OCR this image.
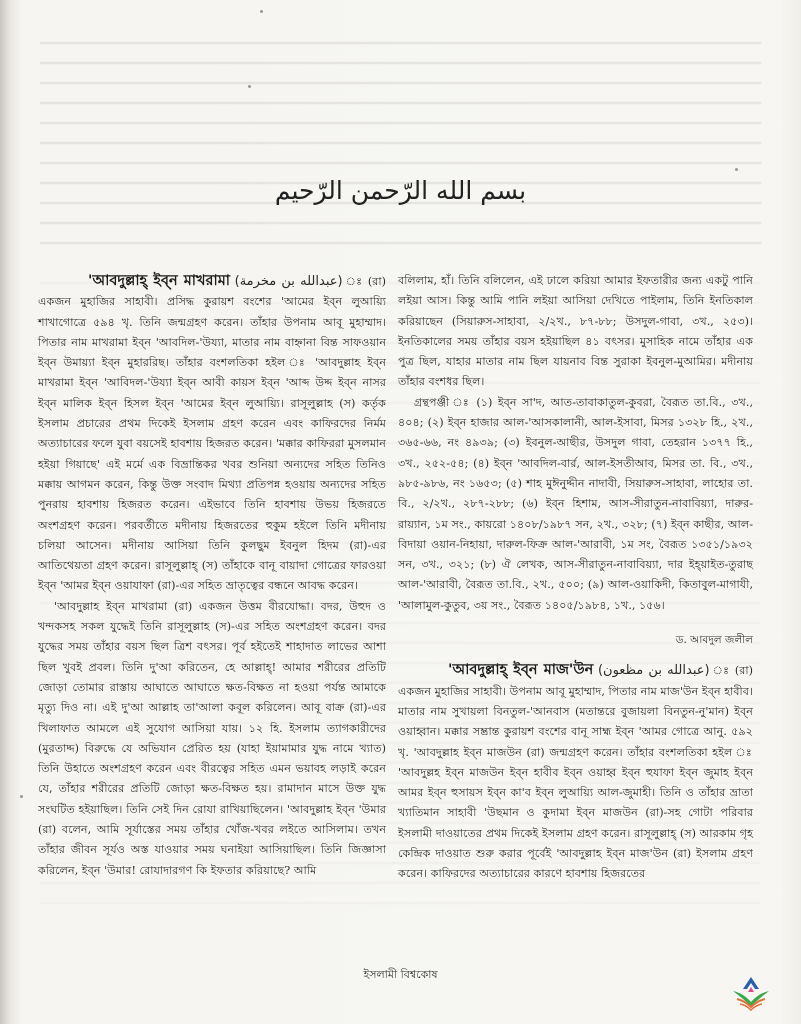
بسم الله الرّحمن الرّحيم

'আবদুল্লাহ্ ইব্ন মাখরামা (عبدالله بن مخرمة) ঃ (রা) একজন মুহাজির সাহাবী। প্রসিদ্ধ কুরায়শ বংশের 'আমের ইব্ন লুআয়্যি শাখাগোত্রে ৫৯৪ খৃ. তিনি জন্মগ্রহণ করেন। তাঁহার উপনাম আবূ মুহাম্মাদ। পিতার নাম মাখরামা ইব্ন 'আবদিল-'উয্যা, মাতার নাম বাহ্নানা বিন্ত সাফওয়ান ইব্ন উমায়্যা ইব্ন মুহাররিছ। তাঁহার বংশলতিকা হইল ঃ 'আবদুল্লাহ ইব্ন মাখরামা ইব্ন 'আবিদল-'উয্যা ইব্ন আবী কায়স ইব্ন 'আব্দ উদ্দ ইব্ন নাসর ইব্ন মালিক ইব্ন হিসল ইব্ন 'আমের ইব্ন লুআয়্যি। রাসূলুল্লাহ (স) কর্তৃক ইসলাম প্রচারের প্রথম দিকেই ইসলাম গ্রহণ করেন এবং কাফিরদের নির্মম অত্যাচারের ফলে যুবা বয়সেই হাবশায় হিজরত করেন। 'মক্কার কাফিররা মুসলমান হইয়া গিয়াছে' এই মর্মে এক বিভ্রান্তিকর খবর শুনিয়া অন্যদের সহিত তিনিও মক্কায় আগমন করেন, কিন্তু উক্ত সংবাদ মিথ্যা প্রতিপন্ন হওয়ায় অন্যদের সহিত পুনরায় হাবশায় হিজরত করেন। এইভাবে তিনি হাবশায় উভয় হিজরতে অংশগ্রহণ করেন। পরবর্তীতে মদীনায় হিজরতের হুকুম হইলে তিনি মদীনায় চলিয়া আসেন। মদীনায় আসিয়া তিনি কুলছুম ইবনুল হিদম (রা)-এর আতিথেয়তা গ্রহণ করেন। রাসূলুল্লাহ্ (স) তাঁহাকে বানূ বায়াদা গোত্রের ফারওয়া ইব্ন 'আমর ইব্ন ওয়াযাফা (রা)-এর সহিত ভ্রাতৃত্বের বন্ধনে আবদ্ধ করেন।

'আবদুল্লাহ ইব্ন মাখরামা (রা) একজন উত্তম বীরযোদ্ধা। বদর, উহুদ ও খন্দকসহ সকল যুদ্ধেই তিনি রাসূলুল্লাহ (স)-এর সহিত অংশগ্রহণ করেন। বদর যুদ্ধের সময় তাঁহার বয়স ছিল ত্রিশ বৎসর। পূর্ব হইতেই শাহাদাত লাভের আশা ছিল খুবই প্রবল। তিনি দু'আ করিতেন, হে আল্লাহ্! আমার শরীরের প্রতিটি জোড়া তোমার রাস্তায় আঘাতে আঘাতে ক্ষত-বিক্ষত না হওয়া পর্যন্ত আমাকে মৃত্যু দিও না। এই দু'আ আল্লাহ তা'আলা কবূল করিলেন। আবূ বাক্র (রা)-এর খিলাফাত আমলে এই সুযোগ আসিয়া যায়। ১২ হি. ইসলাম ত্যাগকারীদের (মুরতাদ্দ) বিরুদ্ধে যে অভিযান প্রেরিত হয় (যাহা ইয়ামামার যুদ্ধ নামে খ্যাত) তিনি উহাতে অংশগ্রহণ করেন এবং বীরত্বের সহিত এমন ভয়াবহ লড়াই করেন যে, তাঁহার শরীরের প্রতিটি জোড়া ক্ষত-বিক্ষত হয়। রামাদান মাসে উক্ত যুদ্ধ সংঘটিত হইয়াছিল। তিনি সেই দিন রোযা রাখিয়াছিলেন। 'আবদুল্লাহ ইব্ন 'উমার (রা) বলেন, আমি সূর্যাস্তের সময় তাঁহার খোঁজ-খবর লইতে আসিলাম। তখন তাঁহার জীবন সূর্যও অস্ত যাওয়ার সময় ঘনাইয়া আসিয়াছিল। তিনি জিজ্ঞাসা করিলেন, ইব্ন 'উমার! রোযাদারগণ কি ইফতার করিয়াছে? আমি

বলিলাম, হাঁ। তিনি বলিলেন, এই ঢালে করিয়া আমার ইফতারীর জন্য একটু পানি লইয়া আস। কিন্তু আমি পানি লইয়া আসিয়া দেখিতে পাইলাম, তিনি ইনতিকাল করিয়াছেন (সিয়ারুস-সাহাবা, ২/২খ., ৮৭-৮৮; উসদুল-গাবা, ৩খ., ২৫৩)। ইনতিকালের সময় তাঁহার বয়স হইয়াছিল ৪১ বৎসর। মুসাহিক নামে তাঁহার এক পুত্র ছিল, যাহার মাতার নাম ছিল যায়নাব বিন্ত সুরাকা ইবনুল-মুআমির। মদীনায় তাঁহার বংশধর ছিল।

গ্রন্থপঞ্জী ঃ (১) ইব্ন সা'দ, আত-তাবাকাতুল-কুবরা, বৈরূত তা.বি., ৩খ., ৪০৪; (২) ইব্ন হাজার আল-'আসকালানী, আল-ইসাবা, মিসর ১৩২৮ হি., ২খ., ৩৬৫-৬৬, নং ৪৯৩৯; (৩) ইবনুল-আছীর, উসদুল গাবা, তেহরান ১৩৭৭ হি., ৩খ., ২৫২-৫৪; (৪) ইব্ন 'আবদিল-বার্র, আল-ইসতীআব, মিসর তা. বি., ৩খ., ৯৮৫-৯৮৬, নং ১৬৫৩; (৫) শাহ মুঈনুদ্দীন নাদাবী, সিয়ারুস-সাহাবা, লাহোর তা. বি., ২/২খ., ২৮৭-২৮৮; (৬) ইব্ন হিশাম, আস-সীরাতুন-নাবাবিয়্যা, দারুর-রায়্যান, ১ম সং., কায়রো ১৪০৮/১৯৮৭ সন, ২খ., ৩২৮; (৭) ইব্ন কাছীর, আল-বিদায়া ওয়ান-নিহায়া, দারুল-ফিক্র আল-'আরাবী, ১ম সং, বৈরূত ১৩৫১/১৯৩২ সন, ৩খ., ৩২১; (৮) ঐ লেখক, আস-সীরাতুন-নাবাবিয়্যা, দার ইহ্য়াইত-তুরাছ আল-'আরাবী, বৈরূত তা.বি., ২খ., ৫০০; (৯) আল-ওয়াকিদী, কিতাবুল-মাগাযী, 'আলামুল-কুতুব, ৩য় সং., বৈরূত ১৪০৫/১৯৮৪, ১খ., ১৫৬।

ড. আবদুল জলীল

'আবদুল্লাহ্ ইব্ন মাজ'উন (عبدالله بن مظعون) (রা) একজন মুহাজির সাহাবী। উপনাম আবূ মুহাম্মাদ, পিতার নাম মাজ'উন ইব্ন হাবীব। মাতার নাম সুখায়লা বিনতুল-'আনবাস (মতান্তরে বুজায়লা বিনতুন-নু'মান) ইব্ন ওয়াহ্বান। মক্কার সম্ভ্রান্ত কুরায়শ বংশের বানূ সাহ্ম ইব্ন 'আমর গোত্রে আনু. ৫৯২ খৃ. 'আবদুল্লাহ ইব্ন মাজউন (রা) জন্মগ্রহণ করেন। তাঁহার বংশলতিকা হইল ঃ 'আবদুল্লহ ইব্ন মাজউন ইব্ন হাবীব ইব্ন ওয়াহ্ব ইব্ন হুযাফা ইব্ন জুমাহ ইব্ন আমর ইব্ন হুসায়স ইব্ন কা'ব ইব্ন লুআয়্যি আল-জুমাহী। তিনি ও তাঁহার ভ্রাতা খ্যাতিমান সাহাবী 'উছমান ও কুদামা ইব্ন মাজউন (রা)-সহ গোটা পরিবার ইসলামী দাওয়াতের প্রথম দিকেই ইসলাম গ্রহণ করেন। রাসূলুল্লাহ্ (স) আরকাম গৃহ কেন্দ্রিক দাওয়াত শুরু করার পূর্বেই 'আবদুল্লাহ ইব্ন মাজ'উন (রা) ইসলাম গ্রহণ করেন। কাফিরদের অত্যাচারের কারণে হাবশায় হিজরতের

ইসলামী বিশ্বকোষ
